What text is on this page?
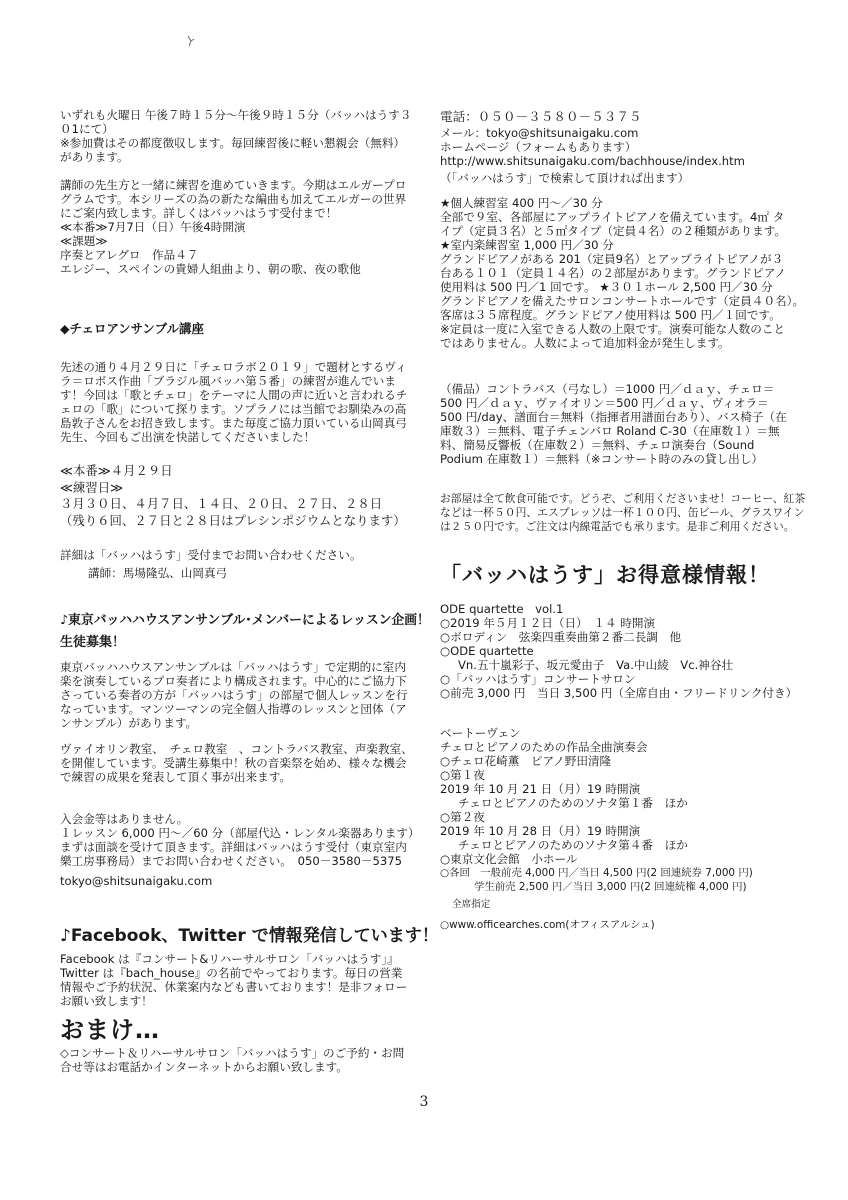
いずれも火曜日 午後７時１５分〜午後９時１５分（バッハはうす３
０1にて）
※参加費はその都度徴収します。毎回練習後に軽い懇親会（無料）
があります。
講師の先生方と一緒に練習を進めていきます。今期はエルガープロ
グラムです。本シリーズの為の新たな編曲も加えてエルガーの世界
にご案内致します。詳しくはバッハはうす受付まで！
≪本番≫7月7日（日）午後4時開演
≪課題≫
序奏とアレグロ　作品４７
エレジー、スペインの貴婦人組曲より、朝の歌、夜の歌他
◆チェロアンサンブル講座
先述の通り４月２９日に「チェロラボ２０１９」で題材とするヴィ
ラ＝ロボス作曲「ブラジル風バッハ第５番」の練習が進んでいま
す！今回は「歌とチェロ」をテーマに人間の声に近いと言われるチ
ェロの「歌」について探ります。ソプラノには当館でお馴染みの高
島敦子さんをお招き致します。また毎度ご協力頂いている山岡真弓
先生、今回もご出演を快諾してくださいました！
≪本番≫４月２９日
≪練習日≫
３月３０日、４月７日、１４日、２０日、２７日、２８日
（残り６回、２７日と２８日はプレシンポジウムとなります）
詳細は「バッハはうす」受付までお問い合わせください。
講師：馬場隆弘、山岡真弓
♪東京バッハハウスアンサンブル･メンバーによるレッスン企画！
生徒募集！
東京バッハハウスアンサンブルは「バッハはうす」で定期的に室内
楽を演奏しているプロ奏者により構成されます。中心的にご協力下
さっている奏者の方が「バッハはうす」の部屋で個人レッスンを行
なっています。マンツーマンの完全個人指導のレッスンと団体（ア
ンサンブル）があります。
ヴァイオリン教室、　チェロ教室　、コントラバス教室、声楽教室、
を開催しています。受講生募集中！秋の音楽祭を始め、様々な機会
で練習の成果を発表して頂く事が出来ます。
入会金等はありません。
１レッスン 6,000 円〜／60 分（部屋代込・レンタル楽器あります）
まずは面談を受けて頂きます。詳細はバッハはうす受付（東京室内
樂工房事務局）までお問い合わせください。　050－3580－5375
tokyo@shitsunaigaku.com
♪Facebook、Twitter で情報発信しています！
Facebook は『コンサート&リハーサルサロン「バッハはうす」』
Twitter は『bach_house』の名前でやっております。毎日の営業
情報やご予約状況、休業案内なども書いております！是非フォロー
お願い致します！
おまけ…
◇コンサート＆リハーサルサロン「バッハはうす」のご予約・お問
合せ等はお電話かインターネットからお願い致します。
電話：０５０－３５８０－５３７５
メール：tokyo@shitsunaigaku.com
ホームページ（フォームもあります）
http://www.shitsunaigaku.com/bachhouse/index.htm
（「バッハはうす」で検索して頂ければ出ます）
★個人練習室 400 円〜／30 分
全部で９室、各部屋にアップライトピアノを備えています。4㎡ タ
イプ（定員３名）と５㎡タイプ（定員４名）の２種類があります。
★室内楽練習室 1,000 円／30 分
グランドピアノがある 201（定員9名）とアップライトピアノが３
台ある１０１（定員１４名）の２部屋があります。グランドピアノ
使用料は 500 円／1 回です。 ★３０１ホール 2,500 円／30 分
グランドピアノを備えたサロンコンサートホールです（定員４０名）。
客席は３５席程度。グランドピアノ使用料は 500 円／１回です。
※定員は一度に入室できる人数の上限です。演奏可能な人数のこと
ではありません。人数によって追加料金が発生します。
（備品）コントラバス（弓なし）＝1000 円／ｄａｙ、チェロ＝
500 円／ｄａｙ、ヴァイオリン＝500 円／ｄａｙ、ヴィオラ＝
500 円/day、譜面台＝無料（指揮者用譜面台あり）、バス椅子（在
庫数３）＝無料、電子チェンバロ Roland C-30（在庫数１）＝無
料、簡易反響板（在庫数２）＝無料、チェロ演奏台（Sound
Podium 在庫数１）＝無料（※コンサート時のみの貸し出し）
お部屋は全て飲食可能です。どうぞ、ご利用くださいませ！コーヒー、紅茶
などは一杯５０円、エスプレッソは一杯１００円、缶ビール、グラスワイン
は２５０円です。ご注文は内線電話でも承ります。是非ご利用ください。
「バッハはうす」お得意様情報！
ODE quartette　vol.1
○2019 年５月１２日（日）　１４ 時開演
○ボロディン　弦楽四重奏曲第２番二長調　他
○ODE quartette
Vn.五十嵐彩子、坂元愛由子　Va.中山綾　Vc.神谷壮
○「バッハはうす」コンサートサロン
○前売 3,000 円　当日 3,500 円（全席自由・フリードリンク付き）
ベートーヴェン
チェロとピアノのための作品全曲演奏会
○チェロ花崎薫　ピアノ野田清隆
○第１夜
2019 年 10 月 21 日（月）19 時開演
チェロとピアノのためのソナタ第１番　ほか
○第２夜
2019 年 10 月 28 日（月）19 時開演
チェロとピアノのためのソナタ第４番　ほか
○東京文化会館　小ホール
○各回　一般前売 4,000 円／当日 4,500 円(2 回連続券 7,000 円)
学生前売 2,500 円／当日 3,000 円(2 回連続権 4,000 円)
全席指定
○www.officearches.com(オフィスアルシュ)
3
